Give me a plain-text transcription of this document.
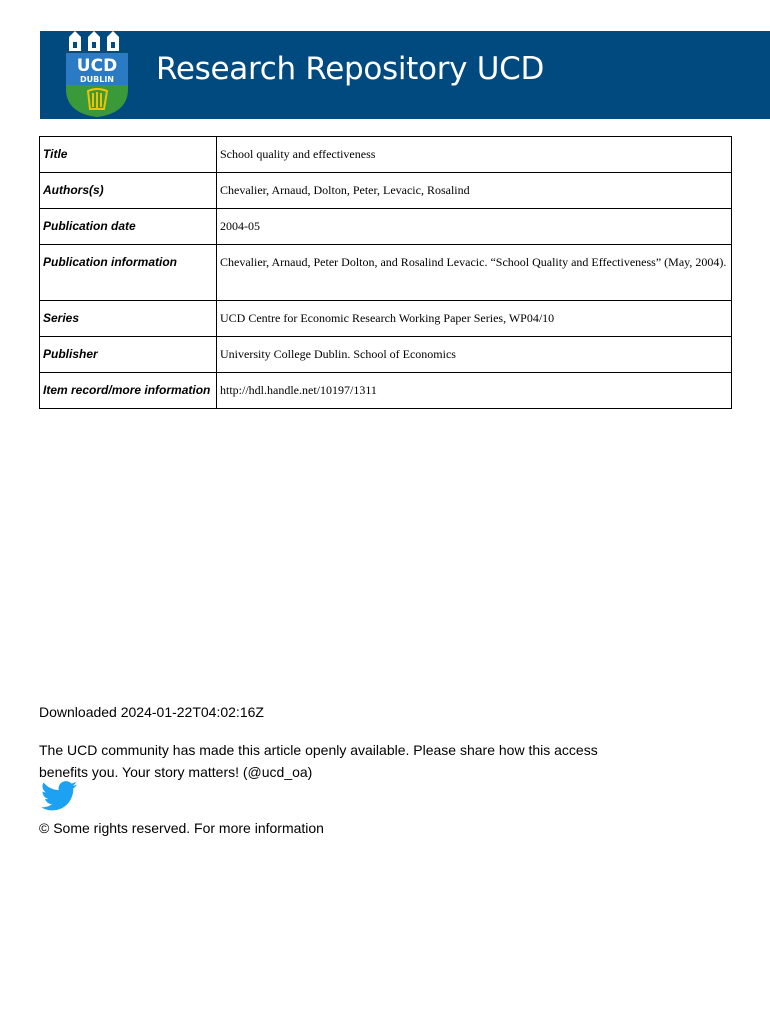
UCD
DUBLIN Research Repository UCD
Title	School quality and effectiveness
Authors(s)	Chevalier, Arnaud, Dolton, Peter, Levacic, Rosalind
Publication date	2004-05
Publication information	Chevalier, Arnaud, Peter Dolton, and Rosalind Levacic. “School Quality and Effectiveness” (May, 2004).
Series	UCD Centre for Economic Research Working Paper Series, WP04/10
Publisher	University College Dublin. School of Economics
Item record/more information	http://hdl.handle.net/10197/1311
Downloaded 2024-01-22T04:02:16Z
The UCD community has made this article openly available. Please share how this access
benefits you. Your story matters! (@ucd_oa)
© Some rights reserved. For more information
